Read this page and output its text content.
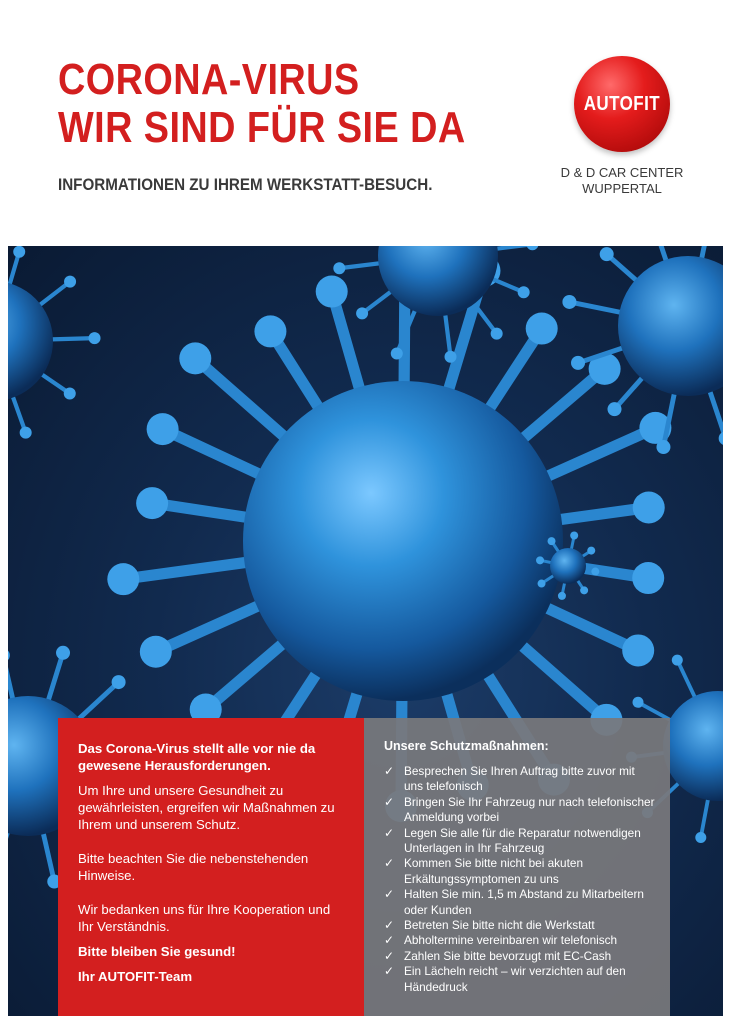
CORONA-VIRUS
WIR SIND FÜR SIE DA
INFORMATIONEN ZU IHREM WERKSTATT-BESUCH.
AUTOFIT
D & D CAR CENTER
WUPPERTAL

Das Corona-Virus stellt alle vor nie da gewesene Herausforderungen.

Um Ihre und unsere Gesundheit zu gewährleisten, ergreifen wir Maßnahmen zu Ihrem und unserem Schutz.

Bitte beachten Sie die nebenstehenden Hinweise.

Wir bedanken uns für Ihre Kooperation und Ihr Verständnis.

Bitte bleiben Sie gesund!

Ihr AUTOFIT-Team

Unsere Schutzmaßnahmen:
✓ Besprechen Sie Ihren Auftrag bitte zuvor mit uns telefonisch
✓ Bringen Sie Ihr Fahrzeug nur nach telefonischer Anmeldung vorbei
✓ Legen Sie alle für die Reparatur notwendigen Unterlagen in Ihr Fahrzeug
✓ Kommen Sie bitte nicht bei akuten Erkältungssymptomen zu uns
✓ Halten Sie min. 1,5 m Abstand zu Mitarbeitern oder Kunden
✓ Betreten Sie bitte nicht die Werkstatt
✓ Abholtermine vereinbaren wir telefonisch
✓ Zahlen Sie bitte bevorzugt mit EC-Cash
✓ Ein Lächeln reicht – wir verzichten auf den Händedruck
